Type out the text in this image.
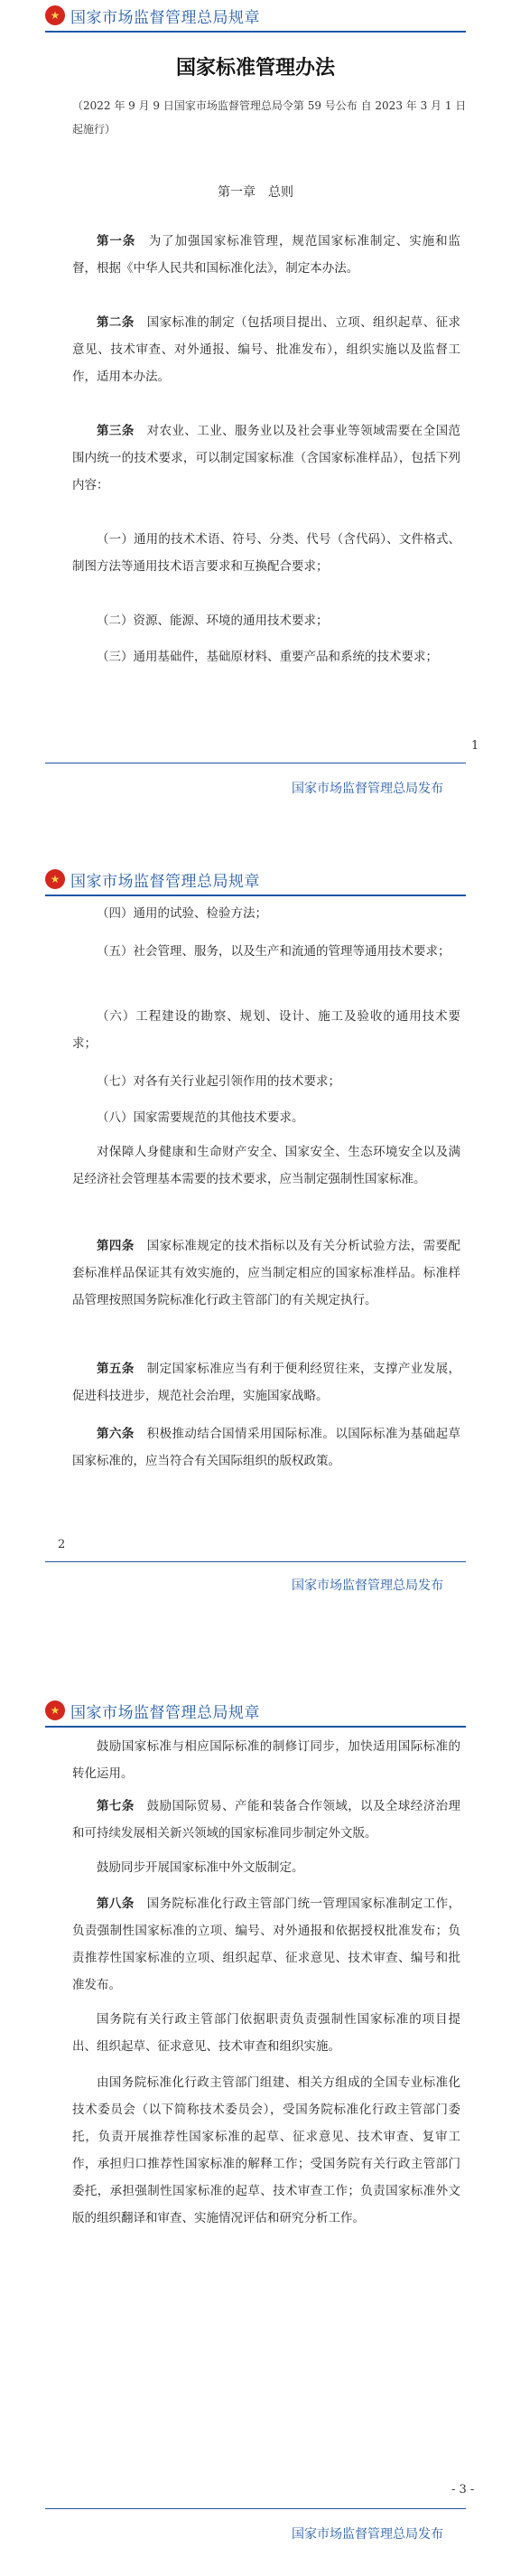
★ 国家市场监督管理总局规章
国家标准管理办法
（2022 年 9 月 9 日国家市场监督管理总局令第 59 号公布 自 2023 年 3 月 1 日起施行）
第一章　总则
第一条　 为了加强国家标准管理，规范国家标准制定、实施和监督，根据《中华人民共和国标准化法》，制定本办法。
第二条　 国家标准的制定（包括项目提出、立项、组织起草、征求意见、技术审查、对外通报、编号、批准发布），组织实施以及监督工作，适用本办法。
第三条　 对农业、工业、服务业以及社会事业等领域需要在全国范围内统一的技术要求，可以制定国家标准（含国家标准样品），包括下列内容：
（一）通用的技术术语、符号、分类、代号（含代码）、文件格式、制图方法等通用技术语言要求和互换配合要求；
（二）资源、能源、环境的通用技术要求；
（三）通用基础件，基础原材料、重要产品和系统的技术要求；
1
国家市场监督管理总局发布
★ 国家市场监督管理总局规章
（四）通用的试验、检验方法；
（五）社会管理、服务，以及生产和流通的管理等通用技术要求；
（六）工程建设的勘察、规划、设计、施工及验收的通用技术要求；
（七）对各有关行业起引领作用的技术要求；
（八）国家需要规范的其他技术要求。
对保障人身健康和生命财产安全、国家安全、生态环境安全以及满足经济社会管理基本需要的技术要求，应当制定强制性国家标准。
第四条　 国家标准规定的技术指标以及有关分析试验方法，需要配套标准样品保证其有效实施的，应当制定相应的国家标准样品。标准样品管理按照国务院标准化行政主管部门的有关规定执行。
第五条　 制定国家标准应当有利于便利经贸往来，支撑产业发展，促进科技进步，规范社会治理，实施国家战略。
第六条　 积极推动结合国情采用国际标准。以国际标准为基础起草国家标准的，应当符合有关国际组织的版权政策。
2
国家市场监督管理总局发布
★ 国家市场监督管理总局规章
鼓励国家标准与相应国际标准的制修订同步，加快适用国际标准的转化运用。
第七条　 鼓励国际贸易、产能和装备合作领域，以及全球经济治理和可持续发展相关新兴领域的国家标准同步制定外文版。
鼓励同步开展国家标准中外文版制定。
第八条　 国务院标准化行政主管部门统一管理国家标准制定工作，负责强制性国家标准的立项、编号、对外通报和依据授权批准发布；负责推荐性国家标准的立项、组织起草、征求意见、技术审查、编号和批准发布。
国务院有关行政主管部门依据职责负责强制性国家标准的项目提出、组织起草、征求意见、技术审查和组织实施。
由国务院标准化行政主管部门组建、相关方组成的全国专业标准化技术委员会（以下简称技术委员会），受国务院标准化行政主管部门委托，负责开展推荐性国家标准的起草、征求意见、技术审查、复审工作，承担归口推荐性国家标准的解释工作；受国务院有关行政主管部门委托，承担强制性国家标准的起草、技术审查工作；负责国家标准外文版的组织翻译和审查、实施情况评估和研究分析工作。
- 3 -
国家市场监督管理总局发布
